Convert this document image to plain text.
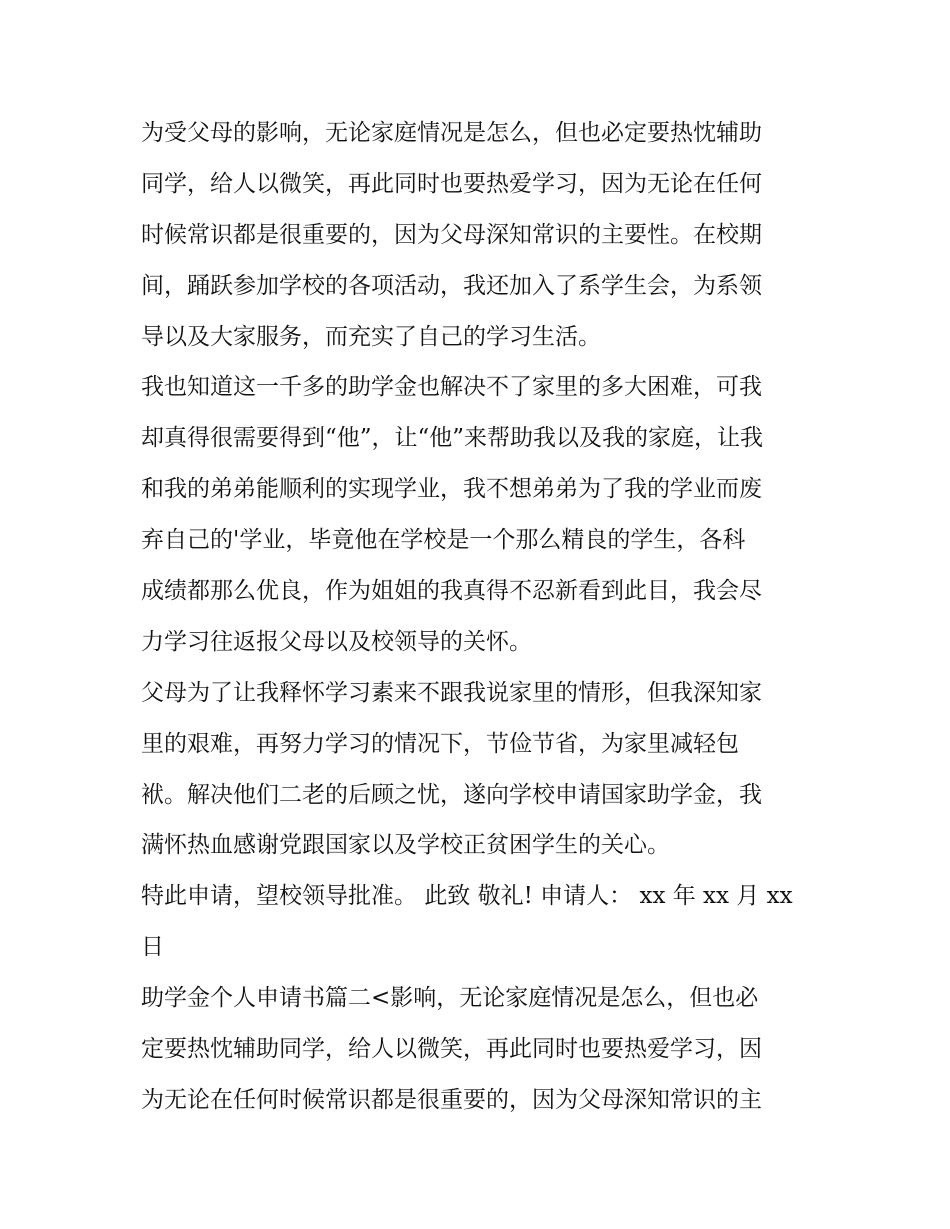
为受父母的影响，无论家庭情况是怎么，但也必定要热忱辅助
同学，给人以微笑，再此同时也要热爱学习，因为无论在任何
时候常识都是很重要的，因为父母深知常识的主要性。在校期
间，踊跃参加学校的各项活动，我还加入了系学生会，为系领
导以及大家服务，而充实了自己的学习生活。
我也知道这一千多的助学金也解决不了家里的多大困难，可我
却真得很需要得到“他”，让“他”来帮助我以及我的家庭，让我
和我的弟弟能顺利的实现学业，我不想弟弟为了我的学业而废
弃自己的'学业，毕竟他在学校是一个那么精良的学生，各科
成绩都那么优良，作为姐姐的我真得不忍新看到此目，我会尽
力学习往返报父母以及校领导的关怀。
父母为了让我释怀学习素来不跟我说家里的情形，但我深知家
里的艰难，再努力学习的情况下，节俭节省，为家里减轻包
袱。解决他们二老的后顾之忧，遂向学校申请国家助学金，我
满怀热血感谢党跟国家以及学校正贫困学生的关心。
特此申请，望校领导批准。 此致 敬礼! 申请人： xx 年 xx 月 xx
日
助学金个人申请书篇二<影响，无论家庭情况是怎么，但也必
定要热忱辅助同学，给人以微笑，再此同时也要热爱学习，因
为无论在任何时候常识都是很重要的，因为父母深知常识的主
